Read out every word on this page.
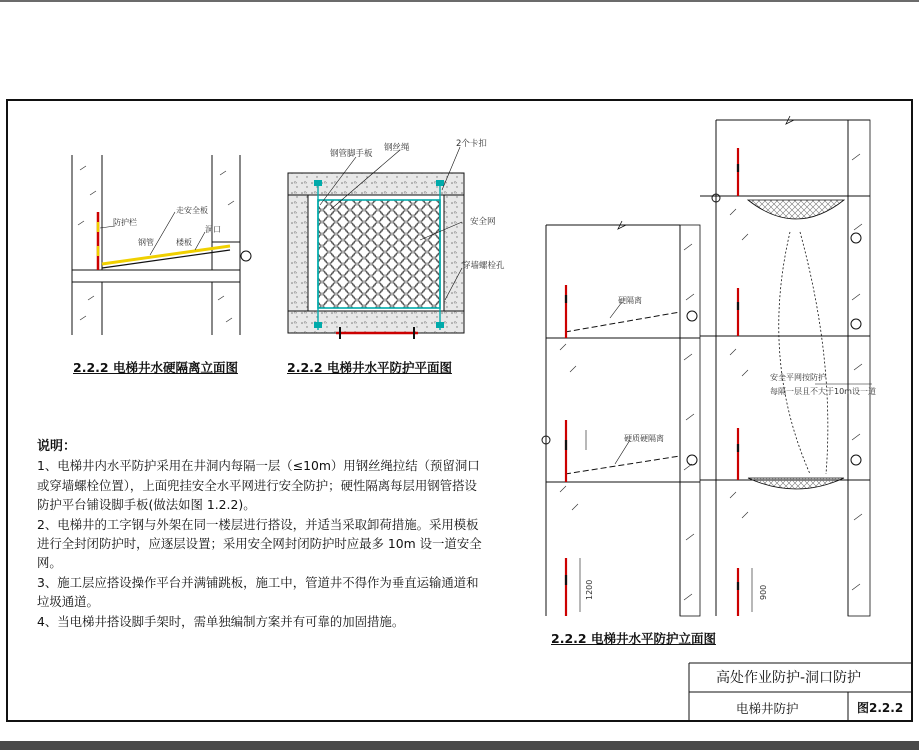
防护栏
走安全板
洞口
钢管	楼板
钢管脚手板
钢丝绳	2个卡扣
安全网
穿墙螺栓孔
1200
硬隔离
硬质硬隔离
900
安全平网按防护
每隔一层且不大于10m设一道
2.2.2 电梯井水硬隔离立面图	2.2.2 电梯井水平防护平面图
2.2.2 电梯井水平防护立面图

说明：

1、电梯井内水平防护采用在井洞内每隔一层（≤10m）用钢丝绳拉结（预留洞口或穿墙螺栓位置），上面兜挂安全水平网进行安全防护；硬性隔离每层用钢管搭设防护平台铺设脚手板(做法如图 1.2.2)。

2、电梯井的工字钢与外架在同一楼层进行搭设，并适当采取卸荷措施。采用模板进行全封闭防护时，应逐层设置；采用安全网封闭防护时应最多 10m 设一道安全网。

3、施工层应搭设操作平台并满铺跳板，施工中，管道井不得作为垂直运输通道和垃圾通道。

4、当电梯井搭设脚手架时，需单独编制方案并有可靠的加固措施。

高处作业防护-洞口防护
电梯井防护	图2.2.2
